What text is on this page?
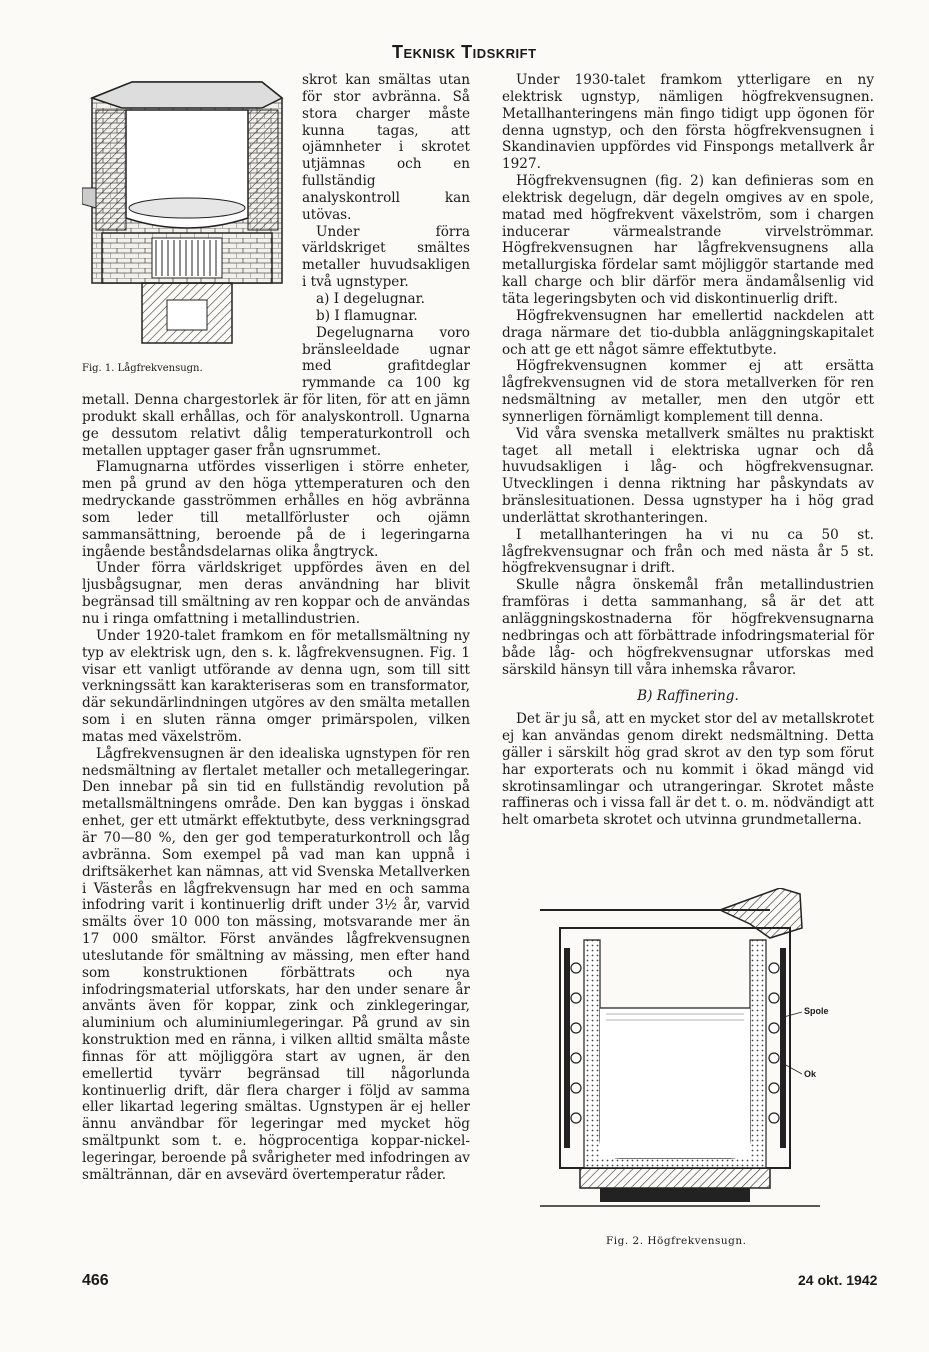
Teknisk Tidskrift
Fig. 1. Lågfrekvensugn.

skrot kan smältas utan för stor avbränna. Så stora charger måste kunna tagas, att ojämnheter i skrotet utjämnas och en fullständig analyskontroll kan utövas.

Under förra världskriget smältes metaller huvudsakligen i två ugnstyper.

a) I degelugnar.

b) I flamugnar.

Degelugnarna voro bränsleeldade ugnar med grafitdeglar rymmande ca 100 kg metall. Denna chargestorlek är för liten, för att en jämn produkt skall erhållas, och för analyskontroll. Ugnarna ge dessutom relativt dålig temperaturkontroll och metallen upptager gaser från ugnsrummet.

Flamugnarna utfördes visserligen i större enheter, men på grund av den höga yttemperaturen och den medryckande gasströmmen erhålles en hög avbränna som leder till metallförluster och ojämn sammansättning, beroende på de i legeringarna ingående beståndsdelarnas olika ångtryck.

Under förra världskriget uppfördes även en del ljusbågsugnar, men deras användning har blivit begränsad till smältning av ren koppar och de användas nu i ringa omfattning i metallindustrien.

Under 1920-talet framkom en för metallsmältning ny typ av elektrisk ugn, den s. k. lågfrekvensugnen. Fig. 1 visar ett vanligt utförande av denna ugn, som till sitt verkningssätt kan karakteriseras som en transformator, där sekundärlindningen utgöres av den smälta metallen som i en sluten ränna omger primärspolen, vilken matas med växelström.

Lågfrekvensugnen är den idealiska ugnstypen för ren nedsmältning av flertalet metaller och metallegeringar. Den innebar på sin tid en fullständig revolution på metallsmältningens område. Den kan byggas i önskad enhet, ger ett utmärkt effektutbyte, dess verkningsgrad är 70—80 %, den ger god temperaturkontroll och låg avbränna. Som exempel på vad man kan uppnå i driftsäkerhet kan nämnas, att vid Svenska Metallverken i Västerås en lågfrekvensugn har med en och samma infodring varit i kontinuerlig drift under 3½ år, varvid smälts över 10 000 ton mässing, motsvarande mer än 17 000 smältor. Först användes lågfrekvensugnen uteslutande för smältning av mässing, men efter hand som konstruktionen förbättrats och nya infodringsmaterial utforskats, har den under senare år använts även för koppar, zink och zinklegeringar, aluminium och aluminiumlegeringar. På grund av sin konstruktion med en ränna, i vilken alltid smälta måste finnas för att möjliggöra start av ugnen, är den emellertid tyvärr begränsad till någorlunda kontinuerlig drift, där flera charger i följd av samma eller likartad legering smältas. Ugnstypen är ej heller ännu användbar för legeringar med mycket hög smältpunkt som t. e. högprocentiga koppar-nickel-legeringar, beroende på svårigheter med infodringen av smältrännan, där en avsevärd övertemperatur råder.

Under 1930-talet framkom ytterligare en ny elektrisk ugnstyp, nämligen högfrekvensugnen. Metallhanteringens män fingo tidigt upp ögonen för denna ugnstyp, och den första högfrekvensugnen i Skandinavien uppfördes vid Finspongs metallverk år 1927.

Högfrekvensugnen (fig. 2) kan definieras som en elektrisk degelugn, där degeln omgives av en spole, matad med högfrekvent växelström, som i chargen inducerar värmealstrande virvelströmmar. Högfrekvensugnen har lågfrekvensugnens alla metallurgiska fördelar samt möjliggör startande med kall charge och blir därför mera ändamålsenlig vid täta legeringsbyten och vid diskontinuerlig drift.

Högfrekvensugnen har emellertid nackdelen att draga närmare det tio-dubbla anläggningskapitalet och att ge ett något sämre effektutbyte.

Högfrekvensugnen kommer ej att ersätta lågfrekvensugnen vid de stora metallverken för ren nedsmältning av metaller, men den utgör ett synnerligen förnämligt komplement till denna.

Vid våra svenska metallverk smältes nu praktiskt taget all metall i elektriska ugnar och då huvudsakligen i låg- och högfrekvensugnar. Utvecklingen i denna riktning har påskyndats av bränslesituationen. Dessa ugnstyper ha i hög grad underlättat skrothanteringen.

I metallhanteringen ha vi nu ca 50 st. lågfrekvensugnar och från och med nästa år 5 st. högfrekvensugnar i drift.

Skulle några önskemål från metallindustrien framföras i detta sammanhang, så är det att anläggningskostnaderna för högfrekvensugnarna nedbringas och att förbättrade infodringsmaterial för både låg- och högfrekvensugnar utforskas med särskild hänsyn till våra inhemska råvaror.

B) Raffinering.

Det är ju så, att en mycket stor del av metallskrotet ej kan användas genom direkt nedsmältning. Detta gäller i särskilt hög grad skrot av den typ som förut har exporterats och nu kommit i ökad mängd vid skrotinsamlingar och utrangeringar. Skrotet måste raffineras och i vissa fall är det t. o. m. nödvändigt att helt omarbeta skrotet och utvinna grundmetallerna.

Spole
Ok
Fig. 2. Högfrekvensugn.
466	24 okt. 1942
